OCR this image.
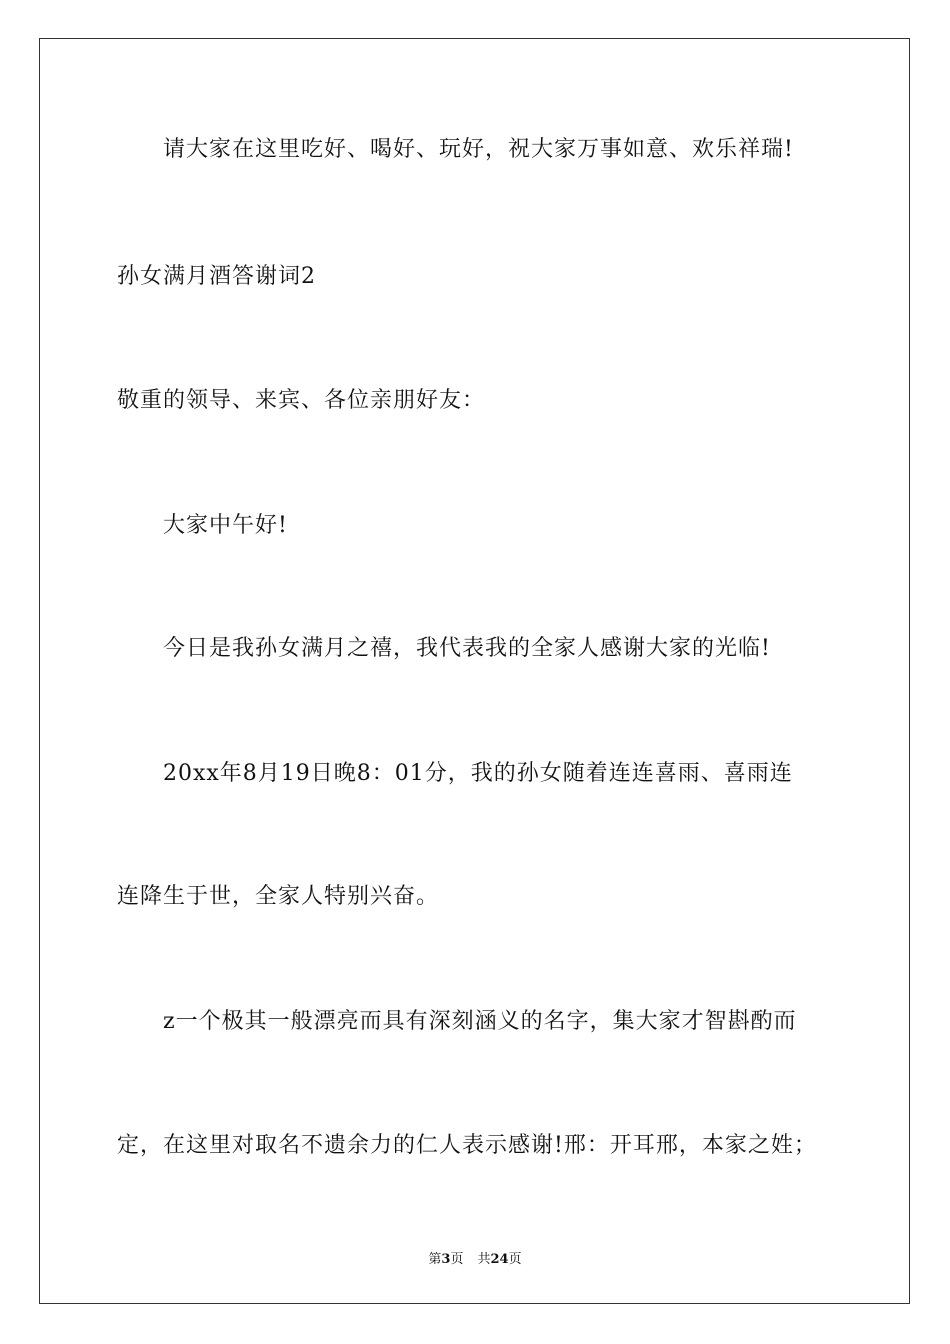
请大家在这里吃好、喝好、玩好，祝大家万事如意、欢乐祥瑞!
孙女满月酒答谢词2
敬重的领导、来宾、各位亲朋好友：
大家中午好!
今日是我孙女满月之禧，我代表我的全家人感谢大家的光临!
20xx年8月19日晚8：01分，我的孙女随着连连喜雨、喜雨连
连降生于世，全家人特别兴奋。
z一个极其一般漂亮而具有深刻涵义的名字，集大家才智斟酌而
定，在这里对取名不遗余力的仁人表示感谢!邢：开耳邢，本家之姓；
第3页 共24页
